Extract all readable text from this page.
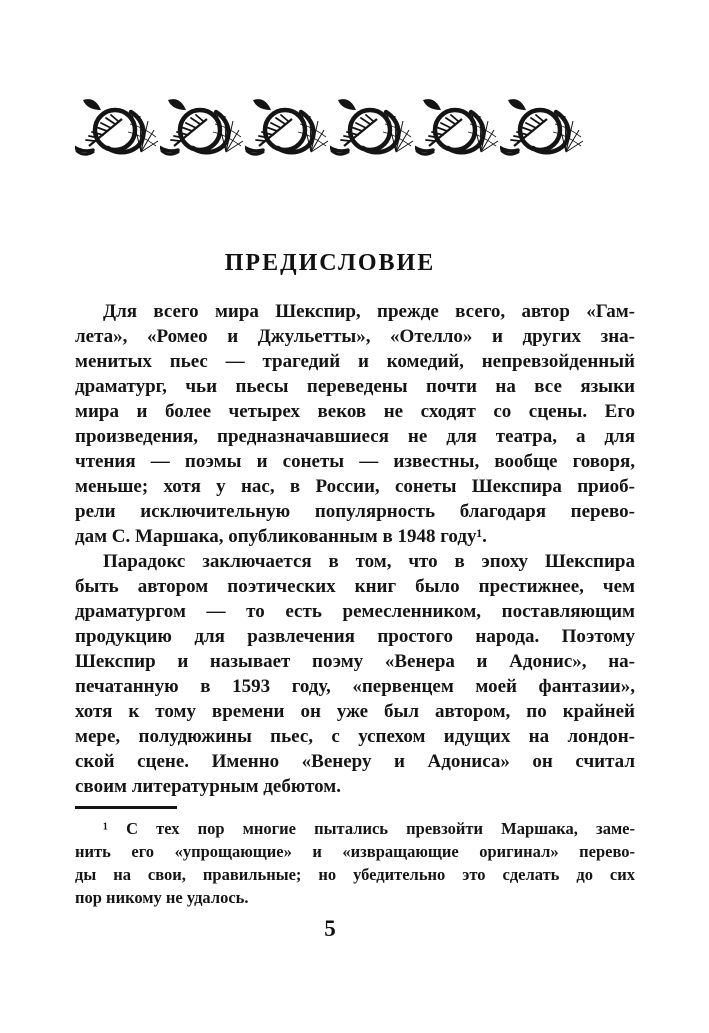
ПРЕДИСЛОВИЕ
Для всего мира Шекспир, прежде всего, автор «Гам-
лета», «Ромео и Джульетты», «Отелло» и других зна-
менитых пьес — трагедий и комедий, непревзойденный
драматург, чьи пьесы переведены почти на все языки
мира и более четырех веков не сходят со сцены. Его
произведения, предназначавшиеся не для театра, а для
чтения — поэмы и сонеты — известны, вообще говоря,
меньше; хотя у нас, в России, сонеты Шекспира приоб-
рели исключительную популярность благодаря перево-
дам С. Маршака, опубликованным в 1948 году¹.
Парадокс заключается в том, что в эпоху Шекспира
быть автором поэтических книг было престижнее, чем
драматургом — то есть ремесленником, поставляющим
продукцию для развлечения простого народа. Поэтому
Шекспир и называет поэму «Венера и Адонис», на-
печатанную в 1593 году, «первенцем моей фантазии»,
хотя к тому времени он уже был автором, по крайней
мере, полудюжины пьес, с успехом идущих на лондон-
ской сцене. Именно «Венеру и Адониса» он считал
своим литературным дебютом.
¹ С тех пор многие пытались превзойти Маршака, заме-
нить его «упрощающие» и «извращающие оригинал» перево-
ды на свои, правильные; но убедительно это сделать до сих
пор никому не удалось.
5
